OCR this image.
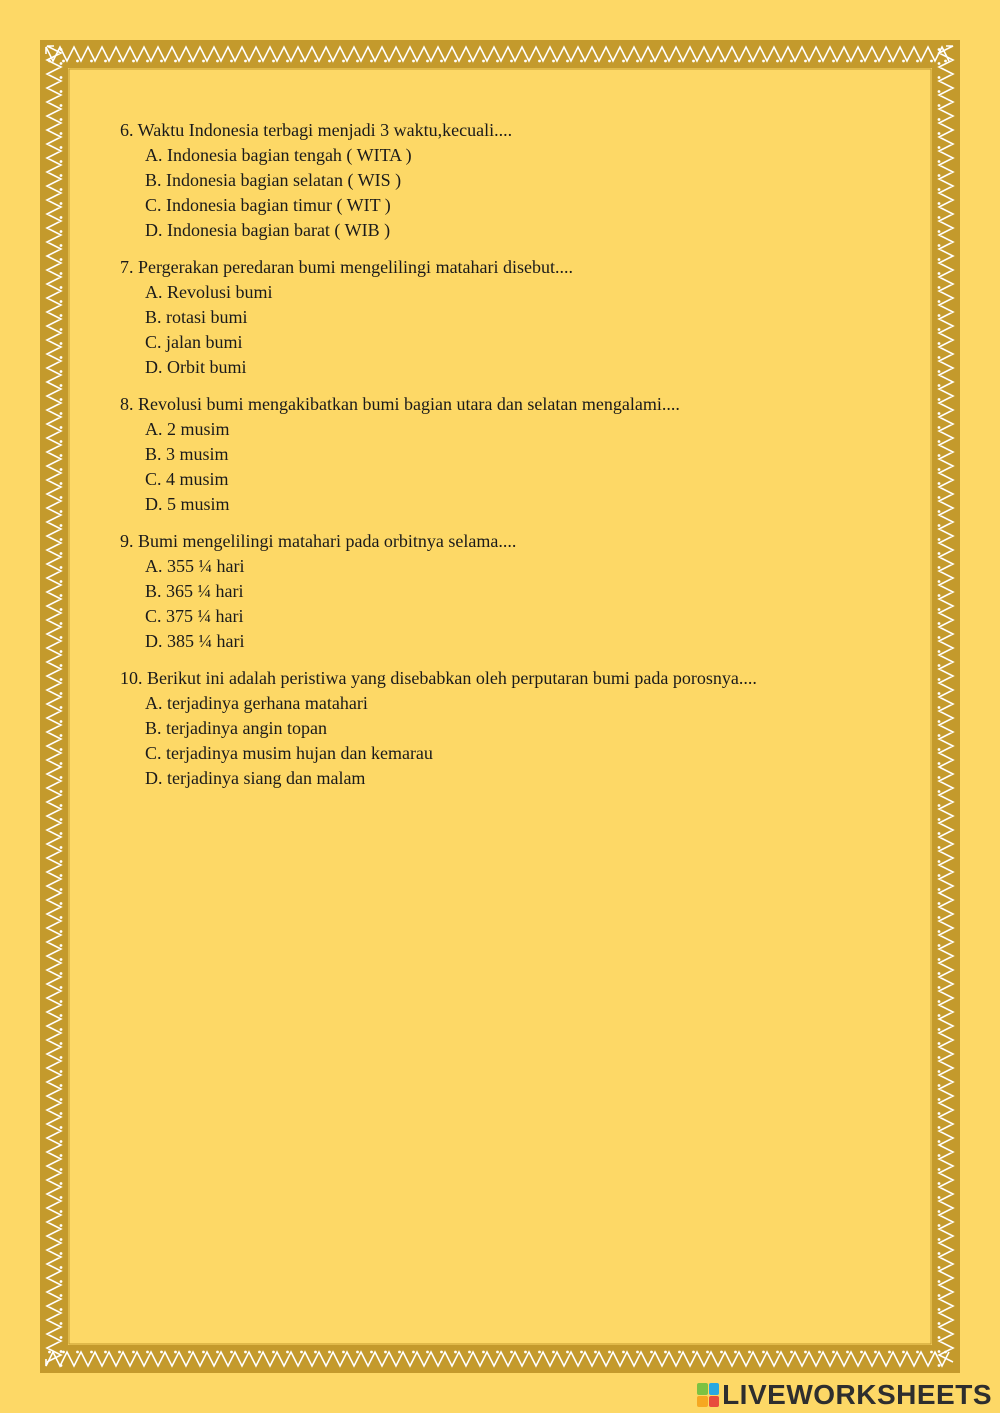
6. Waktu Indonesia terbagi menjadi 3 waktu,kecuali....

A. Indonesia bagian tengah ( WITA )
B. Indonesia bagian selatan ( WIS )
C. Indonesia bagian timur ( WIT )
D. Indonesia bagian barat ( WIB )

7. Pergerakan peredaran bumi mengelilingi matahari disebut....

A. Revolusi bumi
B. rotasi bumi
C. jalan bumi
D. Orbit bumi

8. Revolusi bumi mengakibatkan bumi bagian utara dan selatan mengalami....

A. 2 musim
B. 3 musim
C. 4 musim
D. 5 musim

9. Bumi mengelilingi matahari pada orbitnya selama....

A. 355 ¼ hari
B. 365 ¼ hari
C. 375 ¼ hari
D. 385 ¼ hari

10. Berikut ini adalah peristiwa yang disebabkan oleh perputaran bumi pada porosnya....

A. terjadinya gerhana matahari
B. terjadinya angin topan
C. terjadinya musim hujan dan kemarau
D. terjadinya siang dan malam
LIVEWORKSHEETS
